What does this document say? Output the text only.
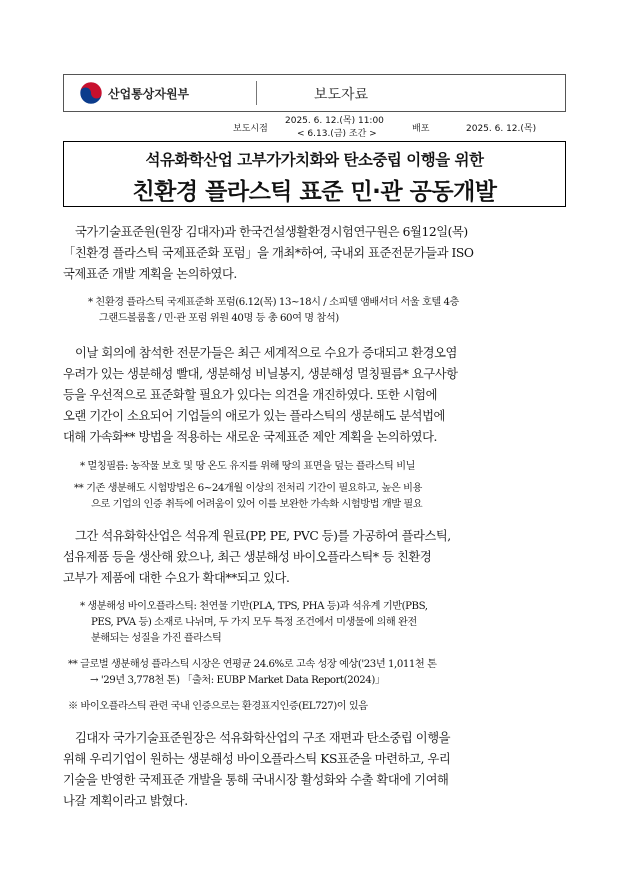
산업통상자원부	보도자료
보도시점
2025. 6. 12.(목) 11:00
< 6.13.(금) 조간 >	배포	2025. 6. 12.(목)
석유화학산업 고부가가치화와 탄소중립 이행을 위한
친환경 플라스틱 표준 민·관 공동개발
국가기술표준원(원장 김대자)과 한국건설생활환경시험연구원은 6월12일(목)
「친환경 플라스틱 국제표준화 포럼」을 개최*하여, 국내외 표준전문가들과 ISO
국제표준 개발 계획을 논의하였다.
* 친환경 플라스틱 국제표준화 포럼(6.12(목) 13~18시 / 소피텔 앰배서더 서울 호텔 4층
그랜드볼룸홀 / 민·관 포럼 위원 40명 등 총 60여 명 참석)
이날 회의에 참석한 전문가들은 최근 세계적으로 수요가 증대되고 환경오염
우려가 있는 생분해성 빨대, 생분해성 비닐봉지, 생분해성 멀칭필름* 요구사항
등을 우선적으로 표준화할 필요가 있다는 의견을 개진하였다. 또한 시험에
오랜 기간이 소요되어 기업들의 애로가 있는 플라스틱의 생분해도 분석법에
대해 가속화** 방법을 적용하는 새로운 국제표준 제안 계획을 논의하였다.
* 멀칭필름: 농작물 보호 및 땅 온도 유지를 위해 땅의 표면을 덮는 플라스틱 비닐
** 기존 생분해도 시험방법은 6~24개월 이상의 전처리 기간이 필요하고, 높은 비용
으로 기업의 인증 취득에 어려움이 있어 이를 보완한 가속화 시험방법 개발 필요
그간 석유화학산업은 석유계 원료(PP, PE, PVC 등)를 가공하여 플라스틱,
섬유제품 등을 생산해 왔으나, 최근 생분해성 바이오플라스틱* 등 친환경
고부가 제품에 대한 수요가 확대**되고 있다.
* 생분해성 바이오플라스틱: 천연물 기반(PLA, TPS, PHA 등)과 석유계 기반(PBS,
PES, PVA 등) 소재로 나뉘며, 두 가지 모두 특정 조건에서 미생물에 의해 완전
분해되는 성질을 가진 플라스틱
** 글로벌 생분해성 플라스틱 시장은 연평균 24.6%로 고속 성장 예상('23년 1,011천 톤
→ '29년 3,778천 톤) 「출처: EUBP Market Data Report(2024)」
※ 바이오플라스틱 관련 국내 인증으로는 환경표지인증(EL727)이 있음
김대자 국가기술표준원장은 석유화학산업의 구조 재편과 탄소중립 이행을
위해 우리기업이 원하는 생분해성 바이오플라스틱 KS표준을 마련하고, 우리
기술을 반영한 국제표준 개발을 통해 국내시장 활성화와 수출 확대에 기여해
나갈 계획이라고 밝혔다.
